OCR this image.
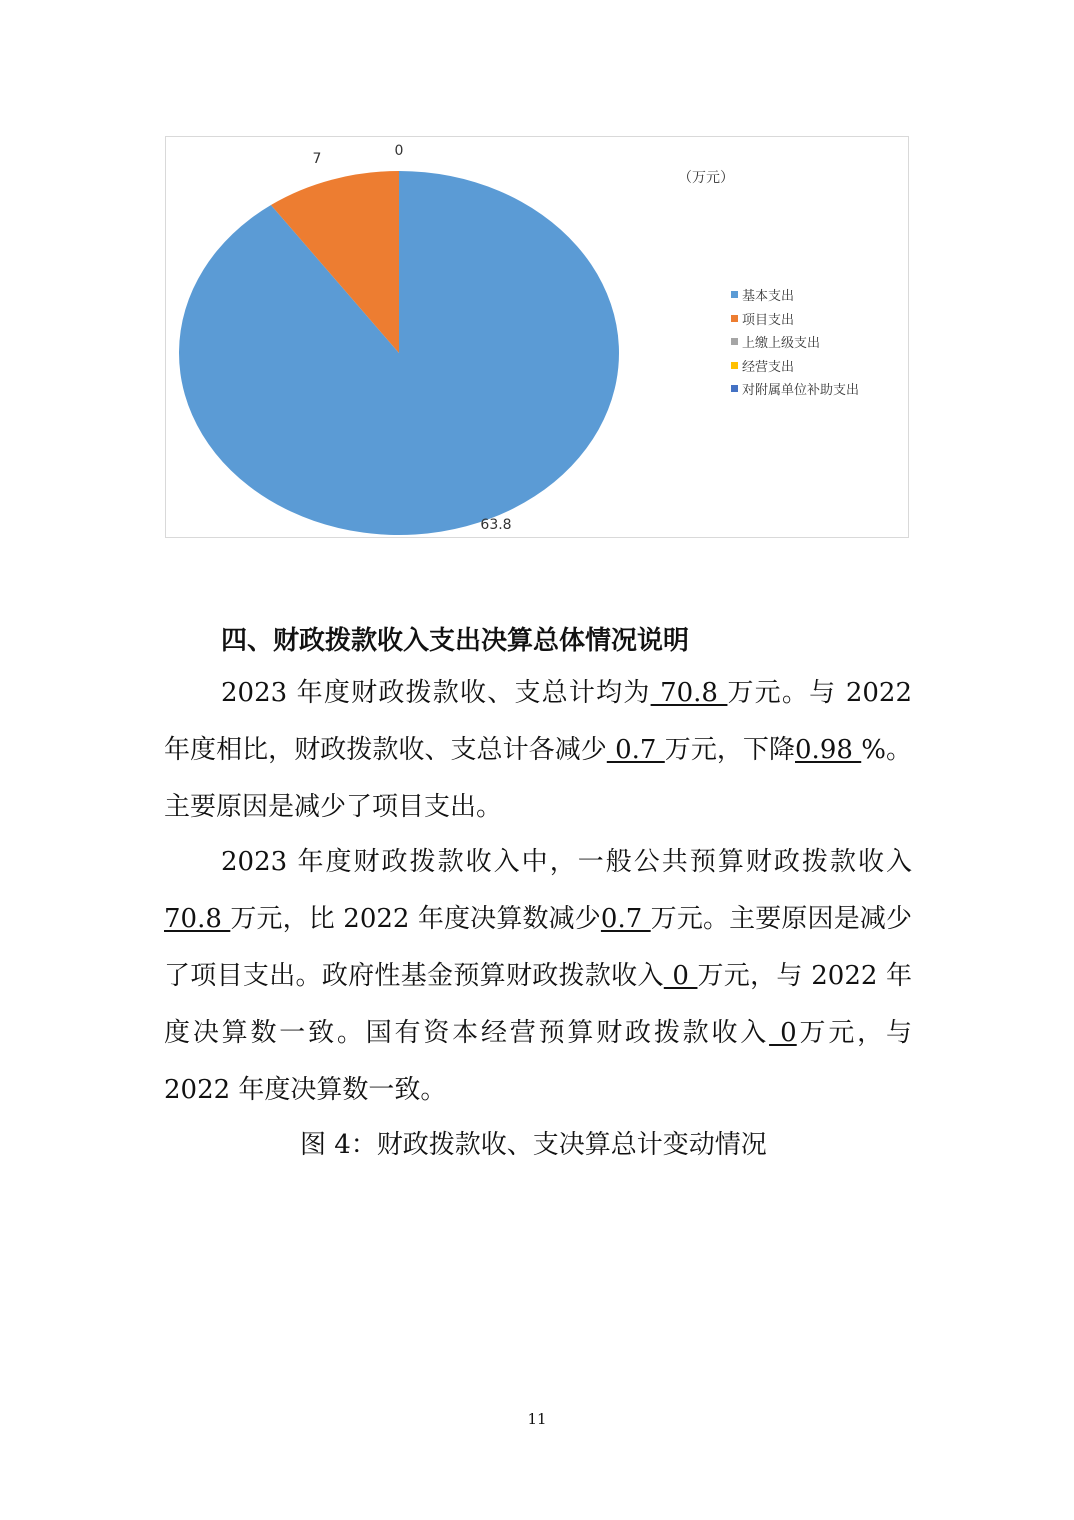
63.8
7	0
（万元）
基本支出
项目支出
上缴上级支出
经营支出
对附属单位补助支出
四、财政拨款收入支出决算总体情况说明

2023 年度财政拨款收、支总计均为 70.8 万元。与 2022 年度相比，财政拨款收、支总计各减少 0.7 万元，下降0.98 %。主要原因是减少了项目支出。

2023 年度财政拨款收入中，一般公共预算财政拨款收入70.8 万元，比 2022 年度决算数减少0.7 万元。主要原因是减少了项目支出。政府性基金预算财政拨款收入 0 万元，与 2022 年度决算数一致。国有资本经营预算财政拨款收入 0万元，与 2022 年度决算数一致。

图 4：财政拨款收、支决算总计变动情况
11
